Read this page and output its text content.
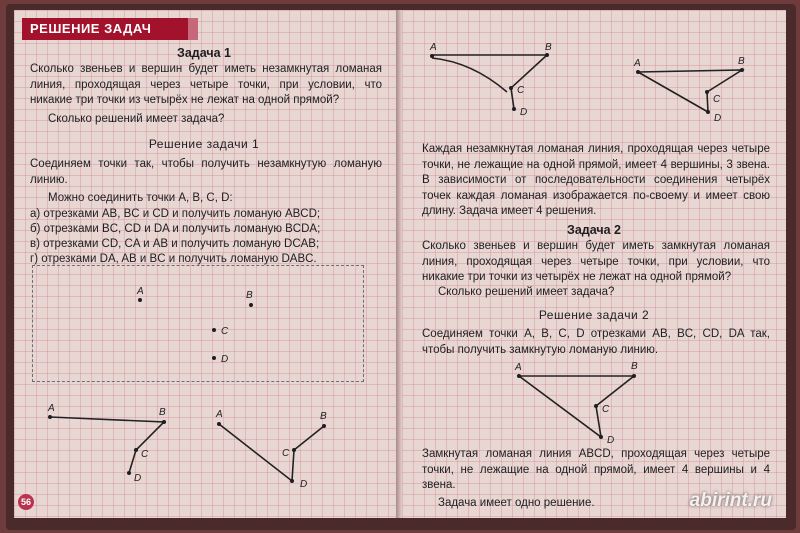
РЕШЕНИЕ ЗАДАЧ
Задача 1
Сколько звеньев и вершин будет иметь незамкнутая ломаная линия, проходящая через четыре точки, при условии, что никакие три точки из четырёх не лежат на одной прямой?
Сколько решений имеет задача?
Решение задачи 1
Соединяем точки так, чтобы получить незамкнутую ломаную линию.
Можно соединить точки A, B, C, D:
а) отрезками AB, BC и CD и получить ломаную ABCD;
б) отрезками BC, CD и DA и получить ломаную BCDA;
в) отрезками CD, CA и AB и получить ломаную DCAB;
г) отрезками DA, AB и BC и получить ломаную DABC.
A	B
C
D
A	B
C
D
A	B
C
D
56
A	B
C
D
A	B
C
D
A	B
C
D
Каждая незамкнутая ломаная линия, проходящая через четыре точки, не лежащие на одной прямой, имеет 4 вершины, 3 звена. В зависимости от последовательности соединения четырёх точек каждая ломаная изображается по-своему и имеет свою длину. Задача имеет 4 решения.
Задача 2
Сколько звеньев и вершин будет иметь замкнутая ломаная линия, проходящая через четыре точки, при условии, что никакие три точки из четырёх не лежат на одной прямой?
Сколько решений имеет задача?
Решение задачи 2
Соединяем точки A, B, C, D отрезками AB, BC, CD, DA так, чтобы получить замкнутую ломаную линию.
Замкнутая ломаная линия ABCD, проходящая через четыре точки, не лежащие на одной прямой, имеет 4 вершины и 4 звена.
Задача имеет одно решение.	abirint.ru
